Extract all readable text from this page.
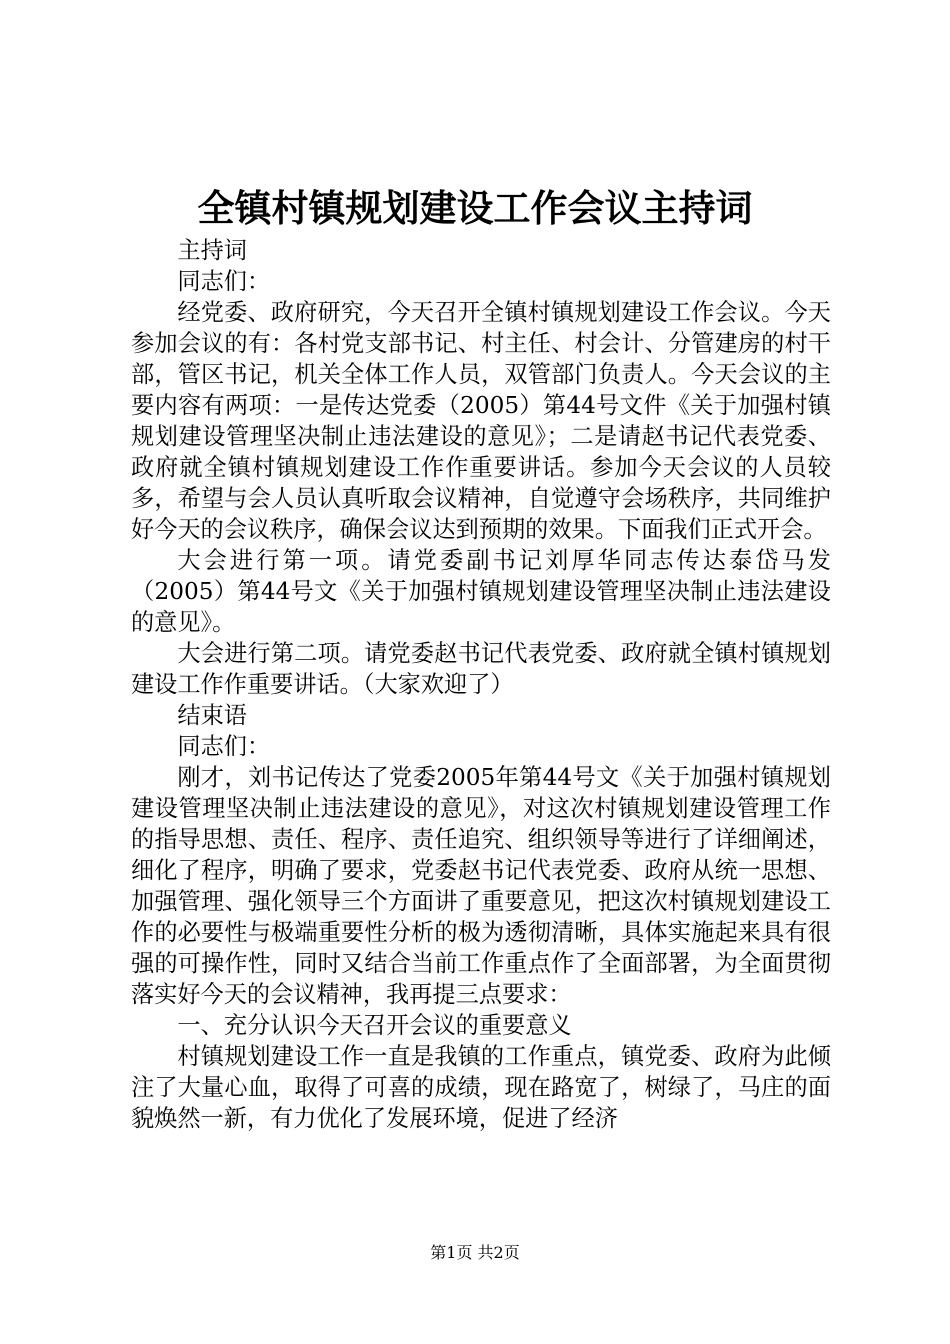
全镇村镇规划建设工作会议主持词

主持词

同志们：

经党委、政府研究，今天召开全镇村镇规划建设工作会议。今天参加会议的有：各村党支部书记、村主任、村会计、分管建房的村干部，管区书记，机关全体工作人员，双管部门负责人。今天会议的主要内容有两项：一是传达党委（2005）第44号文件《关于加强村镇规划建设管理坚决制止违法建设的意见》；二是请赵书记代表党委、政府就全镇村镇规划建设工作作重要讲话。参加今天会议的人员较多，希望与会人员认真听取会议精神，自觉遵守会场秩序，共同维护好今天的会议秩序，确保会议达到预期的效果。下面我们正式开会。

大会进行第一项。请党委副书记刘厚华同志传达泰岱马发（2005）第44号文《关于加强村镇规划建设管理坚决制止违法建设的意见》。

大会进行第二项。请党委赵书记代表党委、政府就全镇村镇规划建设工作作重要讲话。（大家欢迎了）

结束语

同志们：

刚才，刘书记传达了党委2005年第44号文《关于加强村镇规划建设管理坚决制止违法建设的意见》，对这次村镇规划建设管理工作的指导思想、责任、程序、责任追究、组织领导等进行了详细阐述，细化了程序，明确了要求，党委赵书记代表党委、政府从统一思想、加强管理、强化领导三个方面讲了重要意见，把这次村镇规划建设工作的必要性与极端重要性分析的极为透彻清晰，具体实施起来具有很强的可操作性，同时又结合当前工作重点作了全面部署，为全面贯彻落实好今天的会议精神，我再提三点要求：

一、充分认识今天召开会议的重要意义

村镇规划建设工作一直是我镇的工作重点，镇党委、政府为此倾注了大量心血，取得了可喜的成绩，现在路宽了，树绿了，马庄的面貌焕然一新，有力优化了发展环境，促进了经济

第1页 共2页
